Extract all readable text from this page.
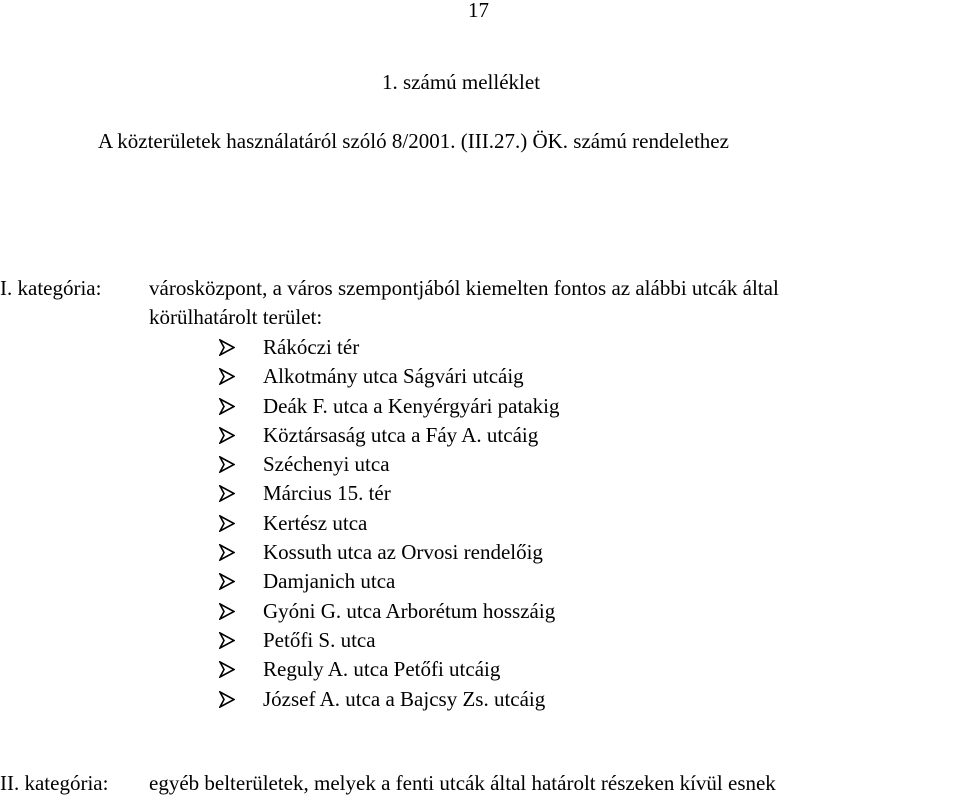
17
1. számú melléklet
A közterületek használatáról szóló 8/2001. (III.27.) ÖK. számú rendelethez
I. kategória: városközpont, a város szempontjából kiemelten fontos az alábbi utcák által
körülhatárolt terület:
Rákóczi tér
Alkotmány utca Ságvári utcáig
Deák F. utca a Kenyérgyári patakig
Köztársaság utca a Fáy A. utcáig
Széchenyi utca
Március 15. tér
Kertész utca
Kossuth utca az Orvosi rendelőig
Damjanich utca
Gyóni G. utca Arborétum hosszáig
Petőfi S. utca
Reguly A. utca Petőfi utcáig
József A. utca a Bajcsy Zs. utcáig
II. kategória: egyéb belterületek, melyek a fenti utcák által határolt részeken kívül esnek
